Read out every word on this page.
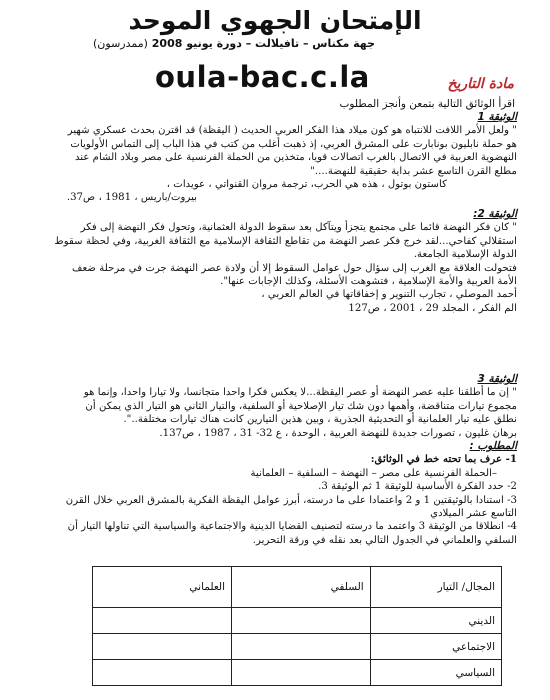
الإمتحان الجهوي الموحد
جهة مكناس – تافيلالت – دورة يونيو 2008 (ممدرسون)
oula-bac.c.la	مادة التاريخ
اقرأ الوثائق التالية بتمعن وأنجز المطلوب
الوثيقة 1
" ولعل الأمر اللافت للانتباه هو كون ميلاد هذا الفكر العربي الحديث ( اليقظة) قد اقترن بحدث عسكري شهير
هو حملة نابليون بونابارت على المشرق العربي، إذ ذهبت أغلب من كتب في هذا الباب إلى التماس الأولويات
النهضوية العربية في الاتصال بالغرب اتصالات قويا، متخذين من الحملة الفرنسية على مصر وبلاد الشام عند
مطلع القرن التاسع عشر بداية حقيقية للنهضة...."
كاستون بوتول ، هذه هي الحرب، ترجمة مروان القنواتي ، عويدات ،
بيروت/باريس ، 1981 ، ص37.
الوثيقة 2:
" كان فكر النهضة قائما على مجتمع يتجزأ ويتآكل بعد سقوط الدولة العثمانية، وتحول فكر النهضة إلى فكر
استقلالي كفاحي...لقد خرج فكر عصر النهضة من تقاطع الثقافة الإسلامية مع الثقافة الغربية، وفي لحظة سقوط
الدولة الإسلامية الجامعة.
فتحولت العلاقة مع الغرب إلى سؤال حول عوامل السقوط إلا أن ولادة عصر النهضة جرت في مرحلة ضعف
الأمة العربية والأمة الإسلامية ، فتشوهت الأسئلة، وكذلك الإجابات عنها".
أحمد الموصلي ، تجارب التنوير و إخفاقاتها في العالم العربي ،
الم الفكر ، المجلد 29 ، 2001 ، ص127
الوثيقة 3
" إن ما أطلقنا عليه عصر النهضة أو عصر اليقظة...لا يعكس فكرا واحدا متجانسا، ولا تيارا واحدا، وإنما هو
مجموع تيارات متناقضة، وأهمها دون شك تيار الإصلاحية أو السلفية، والتيار الثاني هو التيار الذي يمكن أن
نطلق عليه تيار العلمانية أو التحديثية الجذرية ، وبين هذين التيارين كانت هناك تيارات مختلفة..".
برهان غليون ، تصورات جديدة للنهضة العربية ، الوحدة ، ع 32- 31 ، 1987 ، ص137.
المطلوب :
1- عرف بما تحته خط في الوثائق:
–الحملة الفرنسية على مصر – النهضة – السلفية – العلمانية
2- حدد الفكرة الأساسية للوثيقة 1 ثم الوثيقة 3.
3- استنادا بالوثيقتين 1 و 2 واعتمادا على ما درسته، أبرز عوامل اليقظة الفكرية بالمشرق العربي خلال القرن
التاسع عشر الميلادي
4- انطلاقا من الوثيقة 3 واعتمد ما درسته لتصنيف القضايا الدينية والاجتماعية والسياسية التي تناولها التيار أن
السلفي والعلماني في الجدول التالي بعد نقله في ورقة التحرير.
المجال/ التيار	السلفي	العلماني
الديني		
الاجتماعي		
السياسي		
